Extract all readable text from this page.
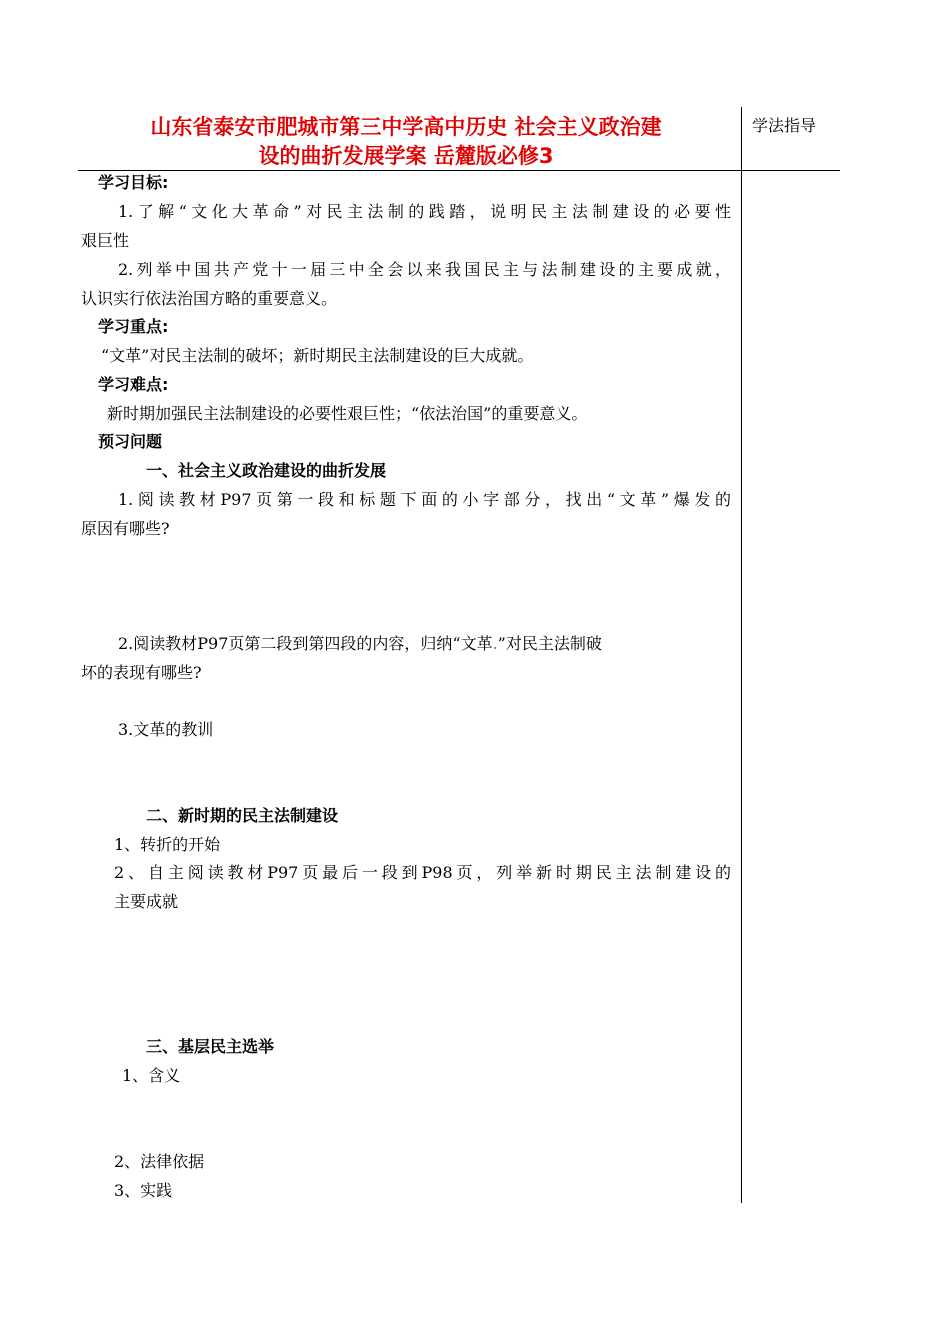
山东省泰安市肥城市第三中学高中历史 社会主义政治建
设的曲折发展学案 岳麓版必修3
学法指导
学习目标:
1.了解“文化大革命”对民主法制的践踏，说明民主法制建设的必要性
艰巨性
2.列举中国共产党十一届三中全会以来我国民主与法制建设的主要成就，
认识实行依法治国方略的重要意义。
学习重点:
“文革”对民主法制的破坏；新时期民主法制建设的巨大成就。
学习难点:
新时期加强民主法制建设的必要性艰巨性；“依法治国”的重要意义。
预习问题
一、社会主义政治建设的曲折发展
1.阅读教材P97页第一段和标题下面的小字部分，找出“文革”爆发的
原因有哪些?
2.阅读教材P97页第二段到第四段的内容，归纳“文革.”对民主法制破
坏的表现有哪些?
3.文革的教训
二、新时期的民主法制建设
1、转折的开始
2、自主阅读教材P97页最后一段到P98页，列举新时期民主法制建设的
主要成就
三、基层民主选举
1、含义
2、法律依据
3、实践
